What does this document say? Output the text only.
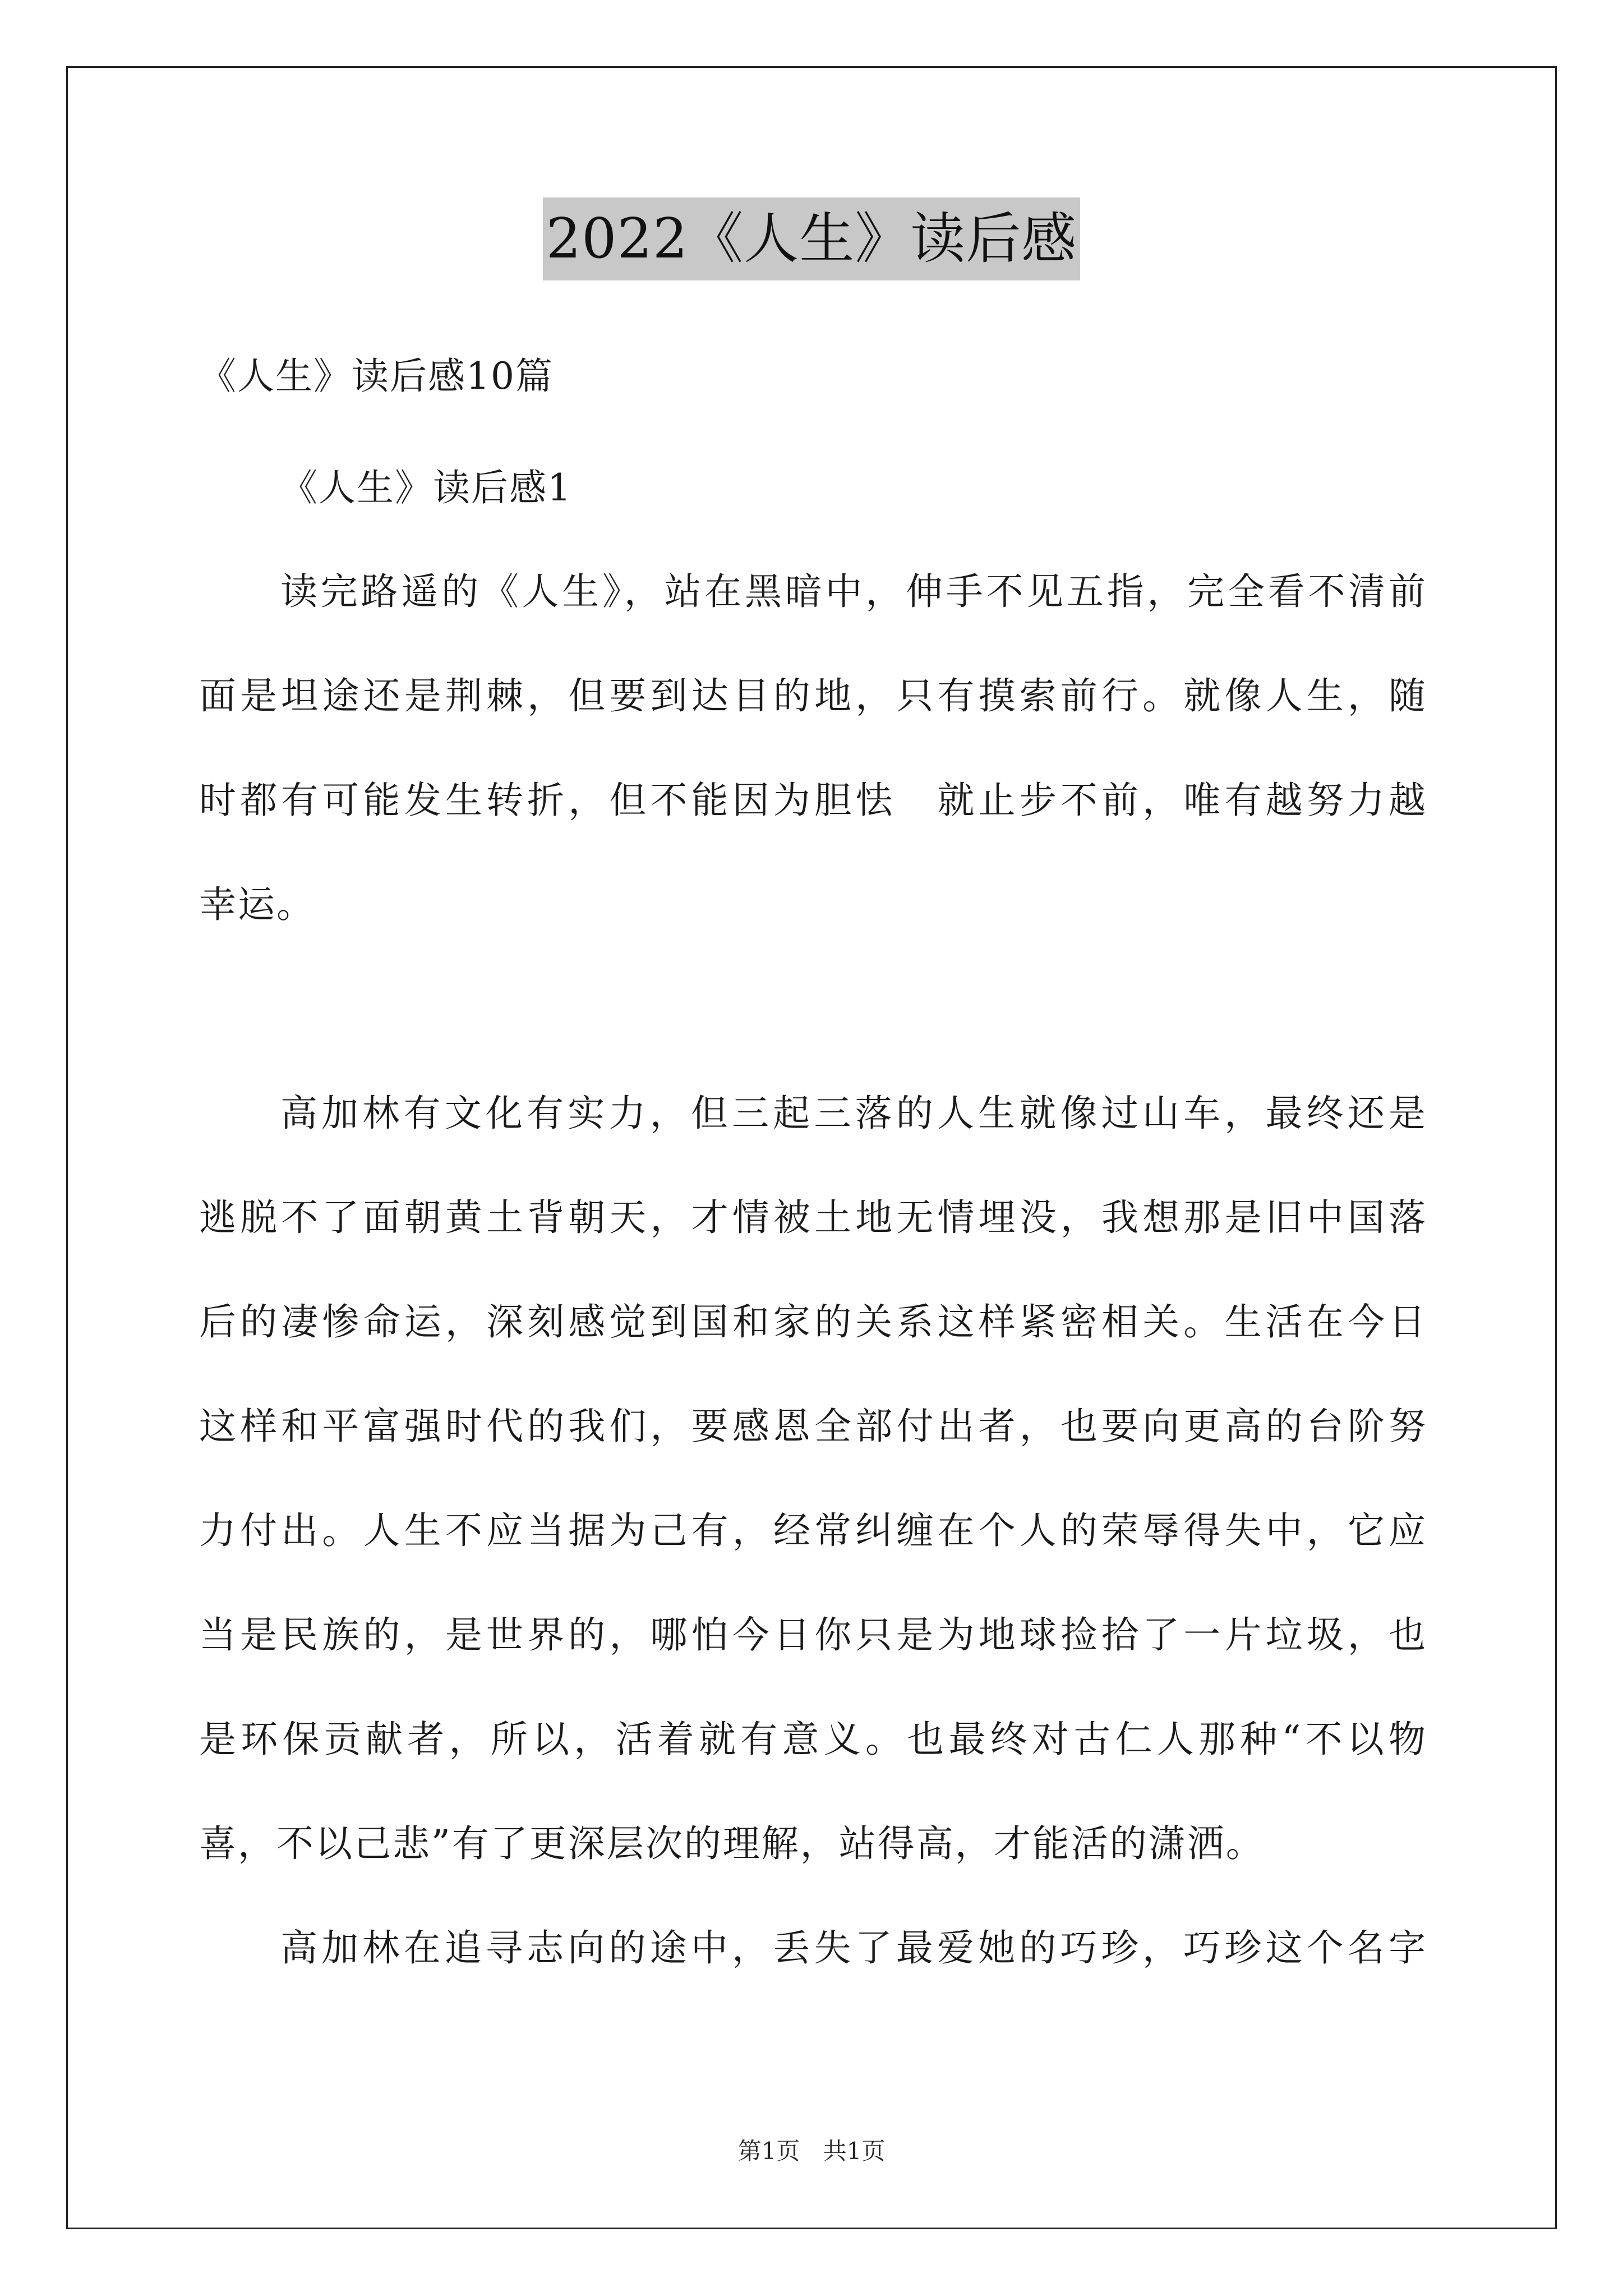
2022《人生》读后感
《人生》读后感10篇
《人生》读后感1
读完路遥的《人生》，站在黑暗中，伸手不见五指，完全看不清前
面是坦途还是荆棘，但要到达目的地，只有摸索前行。就像人生，随
时都有可能发生转折，但不能因为胆怯　就止步不前，唯有越努力越
幸运。
高加林有文化有实力，但三起三落的人生就像过山车，最终还是
逃脱不了面朝黄土背朝天，才情被土地无情埋没，我想那是旧中国落
后的凄惨命运，深刻感觉到国和家的关系这样紧密相关。生活在今日
这样和平富强时代的我们，要感恩全部付出者，也要向更高的台阶努
力付出。人生不应当据为己有，经常纠缠在个人的荣辱得失中，它应
当是民族的，是世界的，哪怕今日你只是为地球捡拾了一片垃圾，也
是环保贡献者，所以，活着就有意义。也最终对古仁人那种“不以物
喜，不以己悲”有了更深层次的理解，站得高，才能活的潇洒。
高加林在追寻志向的途中，丢失了最爱她的巧珍，巧珍这个名字
第1页 共1页
